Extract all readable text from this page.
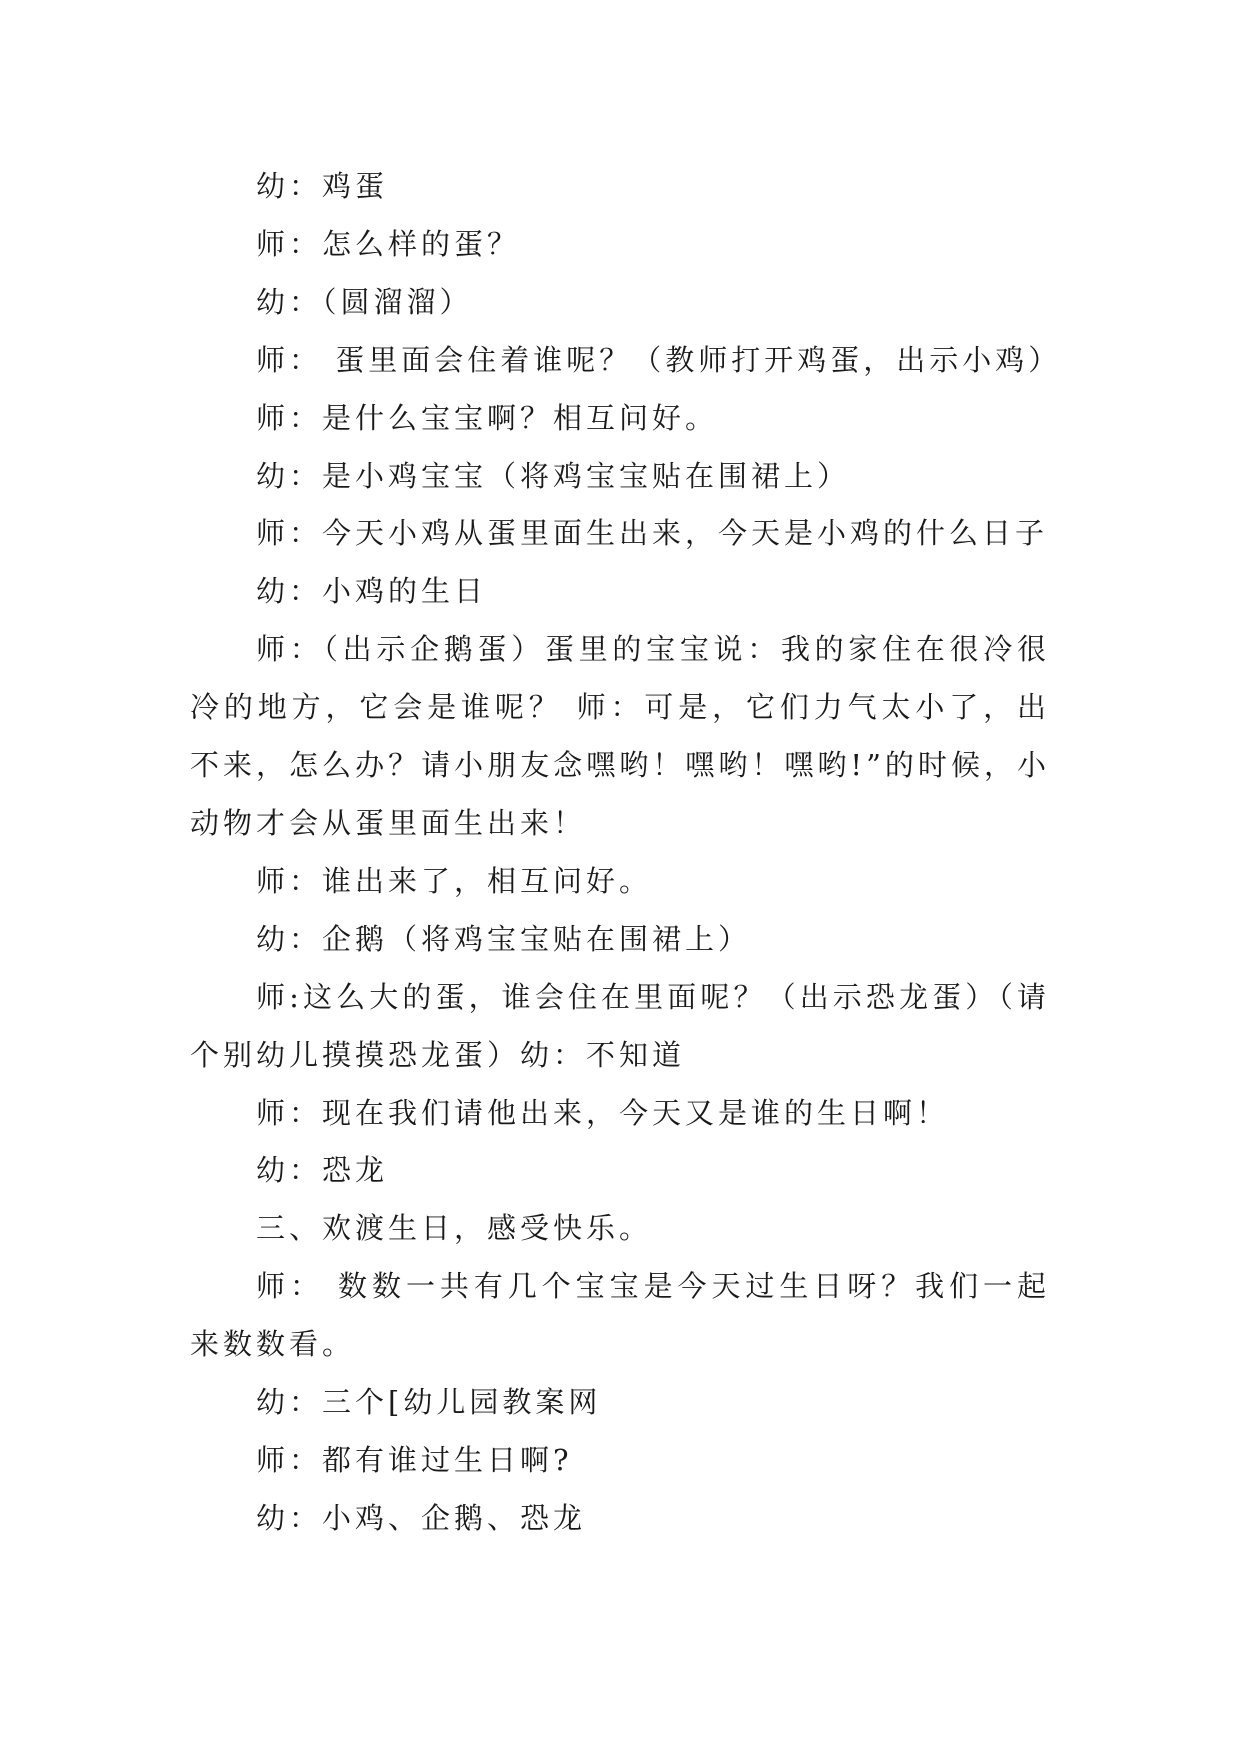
幼：鸡蛋

师：怎么样的蛋？

幼：（圆溜溜）

师： 蛋里面会住着谁呢？（教师打开鸡蛋，出示小鸡）

师：是什么宝宝啊？相互问好。

幼：是小鸡宝宝（将鸡宝宝贴在围裙上）

师：今天小鸡从蛋里面生出来，今天是小鸡的什么日子

幼：小鸡的生日

师：（出示企鹅蛋）蛋里的宝宝说：我的家住在很冷很冷的地方，它会是谁呢？ 师：可是，它们力气太小了，出不来，怎么办？请小朋友念嘿哟！嘿哟！嘿哟!”的时候，小动物才会从蛋里面生出来！

师：谁出来了，相互问好。

幼：企鹅（将鸡宝宝贴在围裙上）

师:这么大的蛋，谁会住在里面呢？（出示恐龙蛋）（请个别幼儿摸摸恐龙蛋）幼：不知道

师：现在我们请他出来，今天又是谁的生日啊！

幼：恐龙

三、欢渡生日，感受快乐。

师： 数数一共有几个宝宝是今天过生日呀？我们一起来数数看。

幼：三个[幼儿园教案网

师：都有谁过生日啊?

幼：小鸡、企鹅、恐龙
